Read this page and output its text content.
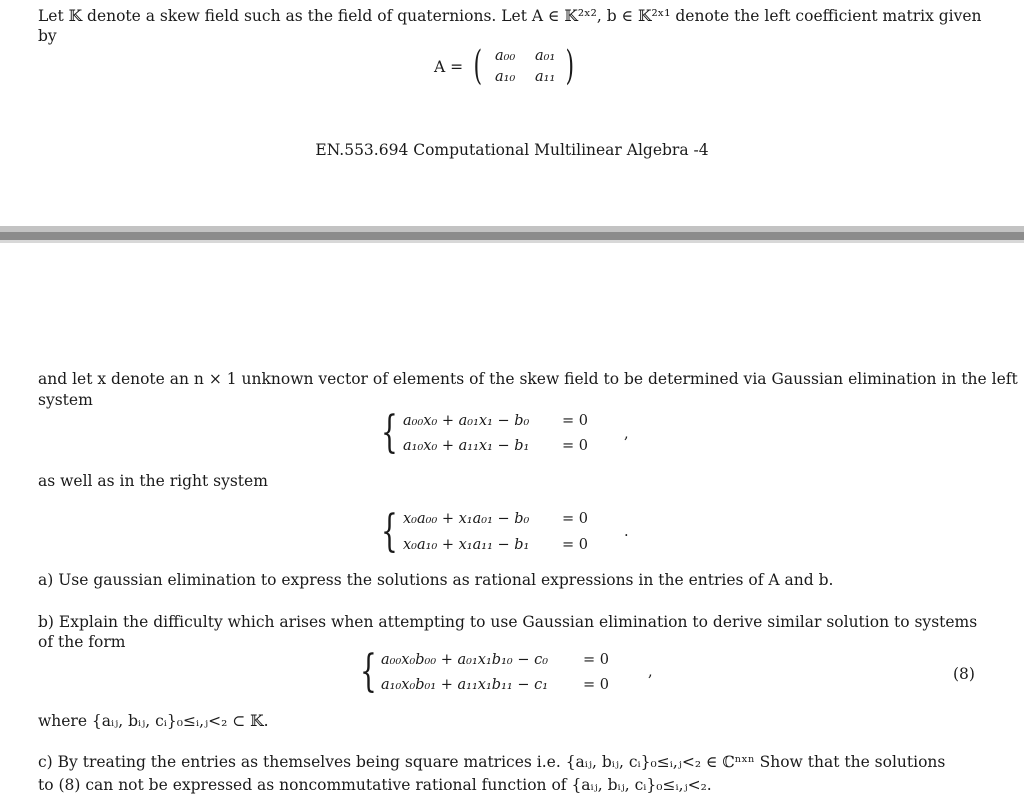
Let 𝕂 denote a skew field such as the field of quaternions. Let A ∈ 𝕂²ˣ², b ∈ 𝕂²ˣ¹ denote the left coefficient matrix given
by
A = ( a₀₀ a₀₁
a₁₀ a₁₁ )
EN.553.694 Computational Multilinear Algebra -4
and let x denote an n × 1 unknown vector of elements of the skew field to be determined via Gaussian elimination in the left
system
{ a₀₀x₀ + a₀₁x₁ − b₀ = 0
a₁₀x₀ + a₁₁x₁ − b₁ = 0
,
as well as in the right system
{ x₀a₀₀ + x₁a₀₁ − b₀ = 0
x₀a₁₀ + x₁a₁₁ − b₁ = 0
.
a) Use gaussian elimination to express the solutions as rational expressions in the entries of A and b.
b) Explain the difficulty which arises when attempting to use Gaussian elimination to derive similar solution to systems
of the form
{ a₀₀x₀b₀₀ + a₀₁x₁b₁₀ − c₀ = 0
a₁₀x₀b₀₁ + a₁₁x₁b₁₁ − c₁ = 0
,	(8)
where {aᵢⱼ, bᵢⱼ, cᵢ}₀≤ᵢ,ⱼ<₂ ⊂ 𝕂.
c) By treating the entries as themselves being square matrices i.e. {aᵢⱼ, bᵢⱼ, cᵢ}₀≤ᵢ,ⱼ<₂ ∈ ℂⁿˣⁿ Show that the solutions
to (8) can not be expressed as noncommutative rational function of {aᵢⱼ, bᵢⱼ, cᵢ}₀≤ᵢ,ⱼ<₂.
